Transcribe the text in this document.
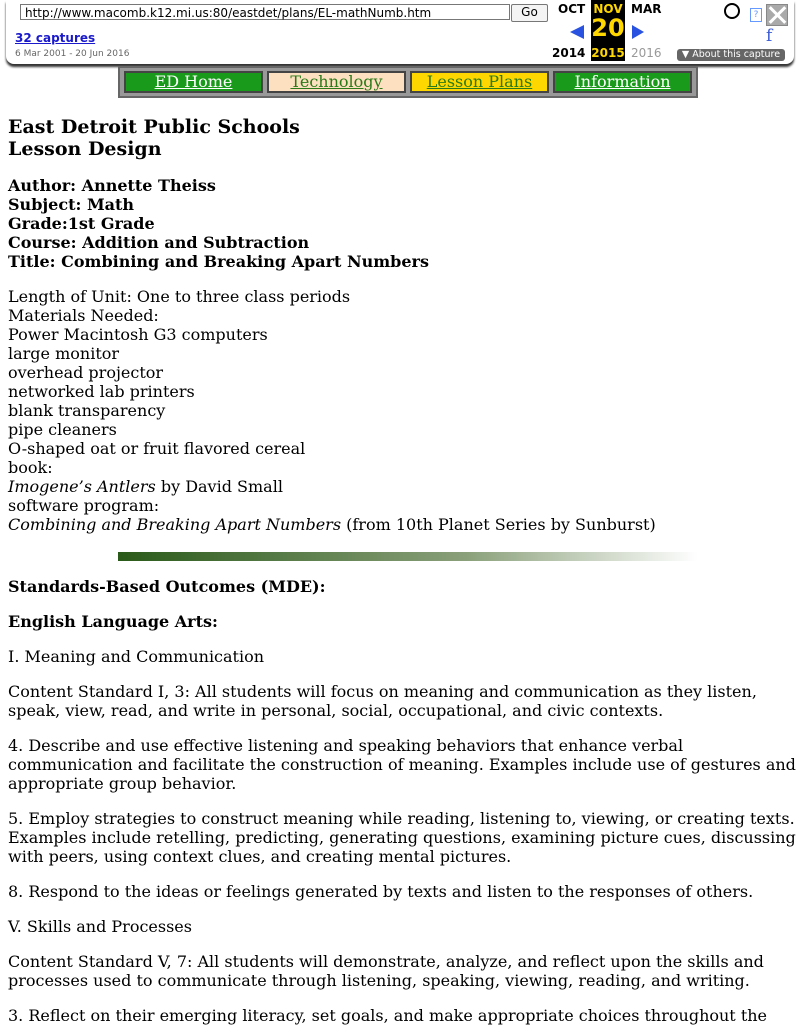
http://www.macomb.k12.mi.us:80/eastdet/plans/EL-mathNumb.htm	Go
32 captures
6 Mar 2001 - 20 Jun 2016
OCT	MAR
2014	2016
NOV
20
2015
?
f
▼ About this capture
ED Home	Technology	Lesson Plans	Information
East Detroit Public Schools
Lesson Design
Author: Annette Theiss
Subject: Math
Grade:1st Grade
Course: Addition and Subtraction
Title: Combining and Breaking Apart Numbers
Length of Unit: One to three class periods
Materials Needed:
Power Macintosh G3 computers
large monitor
overhead projector
networked lab printers
blank transparency
pipe cleaners
O-shaped oat or fruit flavored cereal
book:
Imogene’s Antlers by David Small
software program:
Combining and Breaking Apart Numbers (from 10th Planet Series by Sunburst)
Standards-Based Outcomes (MDE):
English Language Arts:
I. Meaning and Communication
Content Standard I, 3: All students will focus on meaning and communication as they listen, speak, view, read, and write in personal, social, occupational, and civic contexts.
4. Describe and use effective listening and speaking behaviors that enhance verbal communication and facilitate the construction of meaning. Examples include use of gestures and appropriate group behavior.
5. Employ strategies to construct meaning while reading, listening to, viewing, or creating texts. Examples include retelling, predicting, generating questions, examining picture cues, discussing with peers, using context clues, and creating mental pictures.
8. Respond to the ideas or feelings generated by texts and listen to the responses of others.
V. Skills and Processes
Content Standard V, 7: All students will demonstrate, analyze, and reflect upon the skills and processes used to communicate through listening, speaking, viewing, reading, and writing.
3. Reflect on their emerging literacy, set goals, and make appropriate choices throughout the
